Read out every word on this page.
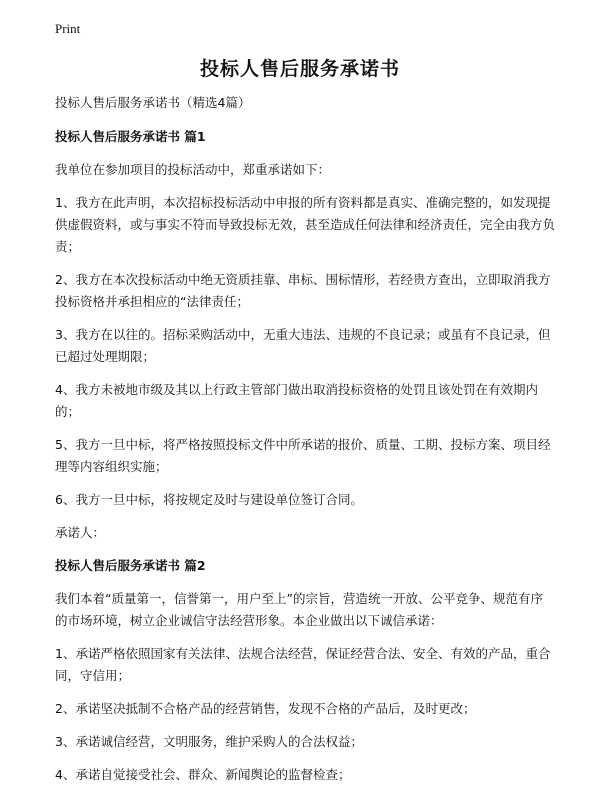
Print
投标人售后服务承诺书

投标人售后服务承诺书（精选4篇）

投标人售后服务承诺书 篇1

我单位在参加项目的投标活动中，郑重承诺如下：

1、我方在此声明，本次招标投标活动中申报的所有资料都是真实、准确完整的，如发现提供虚假资料，或与事实不符而导致投标无效，甚至造成任何法律和经济责任，完全由我方负责；

2、我方在本次投标活动中绝无资质挂靠、串标、围标情形，若经贵方查出，立即取消我方投标资格并承担相应的“法律责任；

3、我方在以往的。招标采购活动中，无重大违法、违规的不良记录；或虽有不良记录，但已超过处理期限；

4、我方未被地市级及其以上行政主管部门做出取消投标资格的处罚且该处罚在有效期内的；

5、我方一旦中标，将严格按照投标文件中所承诺的报价、质量、工期、投标方案、项目经理等内容组织实施；

6、我方一旦中标，将按规定及时与建设单位签订合同。

承诺人：

投标人售后服务承诺书 篇2

我们本着“质量第一，信誉第一，用户至上”的宗旨，营造统一开放、公平竞争、规范有序的市场环境，树立企业诚信守法经营形象。本企业做出以下诚信承诺：

1、承诺严格依照国家有关法律、法规合法经营，保证经营合法、安全、有效的产品，重合同，守信用；

2、承诺坚决抵制不合格产品的经营销售，发现不合格的产品后，及时更改；

3、承诺诚信经营，文明服务，维护采购人的合法权益；

4、承诺自觉接受社会、群众、新闻舆论的监督检查；
